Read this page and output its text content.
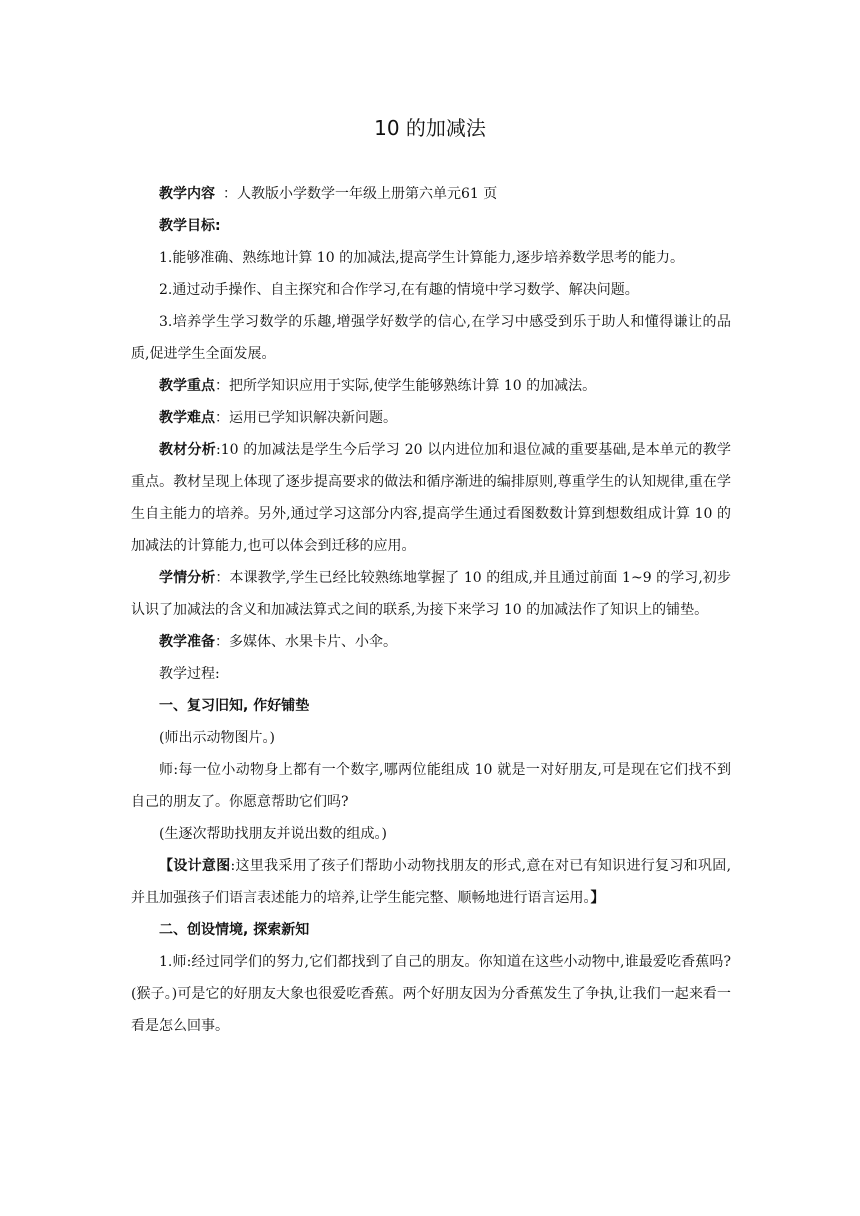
10 的加减法

教学内容 ：人教版小学数学一年级上册第六单元61 页

教学目标:

1.能够准确、熟练地计算 10 的加减法,提高学生计算能力,逐步培养数学思考的能力。

2.通过动手操作、自主探究和合作学习,在有趣的情境中学习数学、解决问题。

3.培养学生学习数学的乐趣,增强学好数学的信心,在学习中感受到乐于助人和懂得谦让的品质,促进学生全面发展。

教学重点：把所学知识应用于实际,使学生能够熟练计算 10 的加减法。

教学难点：运用已学知识解决新问题。

教材分析:10 的加减法是学生今后学习 20 以内进位加和退位减的重要基础,是本单元的教学重点。教材呈现上体现了逐步提高要求的做法和循序渐进的编排原则,尊重学生的认知规律,重在学生自主能力的培养。另外,通过学习这部分内容,提高学生通过看图数数计算到想数组成计算 10 的加减法的计算能力,也可以体会到迁移的应用。

学情分析：本课教学,学生已经比较熟练地掌握了 10 的组成,并且通过前面 1~9 的学习,初步认识了加减法的含义和加减法算式之间的联系,为接下来学习 10 的加减法作了知识上的铺垫。

教学准备：多媒体、水果卡片、小伞。

教学过程:

一、复习旧知, 作好铺垫

(师出示动物图片。)

师:每一位小动物身上都有一个数字,哪两位能组成 10 就是一对好朋友,可是现在它们找不到自己的朋友了。你愿意帮助它们吗?

(生逐次帮助找朋友并说出数的组成。)

【设计意图:这里我采用了孩子们帮助小动物找朋友的形式,意在对已有知识进行复习和巩固,并且加强孩子们语言表述能力的培养,让学生能完整、顺畅地进行语言运用。】

二、创设情境, 探索新知

1.师:经过同学们的努力,它们都找到了自己的朋友。你知道在这些小动物中,谁最爱吃香蕉吗?(猴子。)可是它的好朋友大象也很爱吃香蕉。两个好朋友因为分香蕉发生了争执,让我们一起来看一看是怎么回事。
